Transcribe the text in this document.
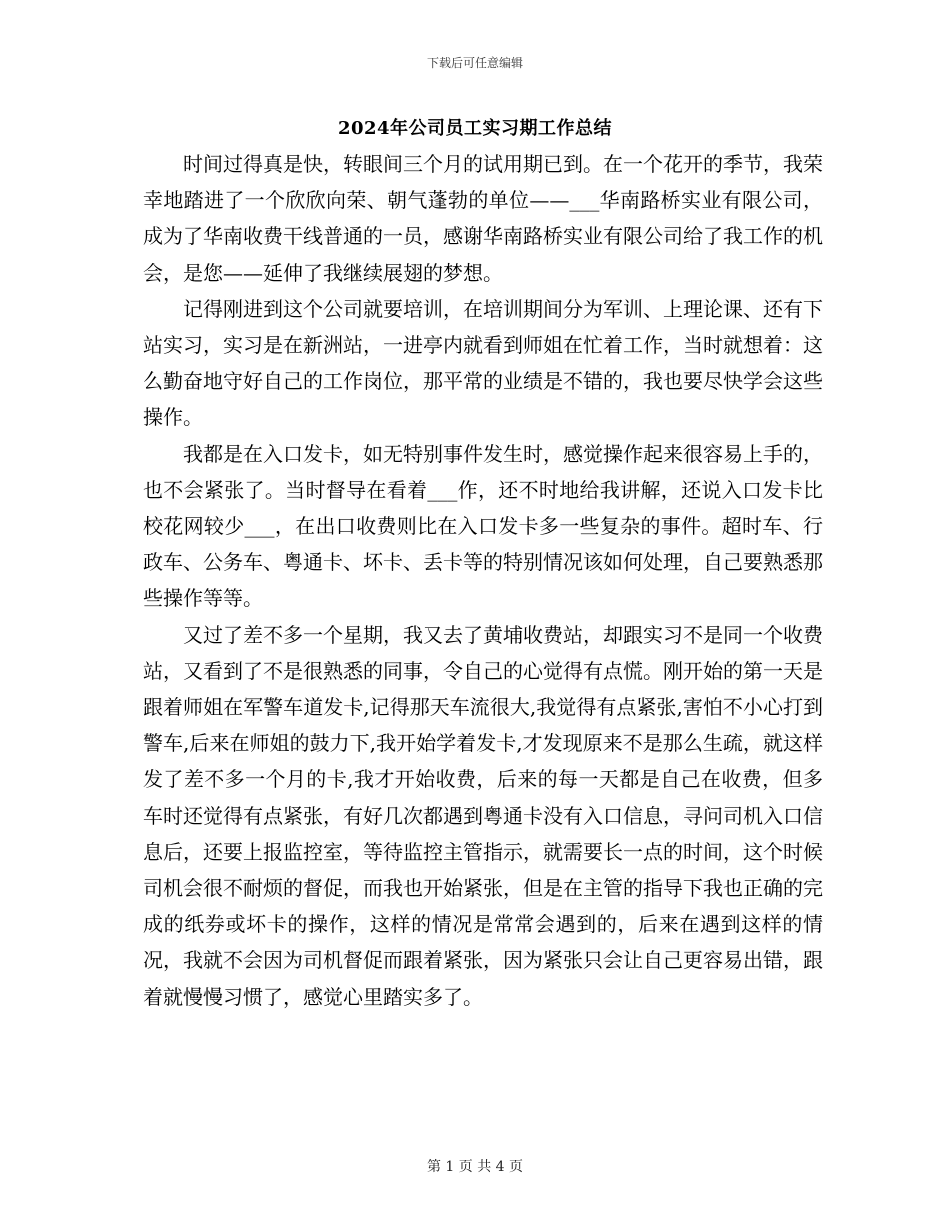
下载后可任意编辑
2024年公司员工实习期工作总结

时间过得真是快，转眼间三个月的试用期已到。在一个花开的季节，我荣幸地踏进了一个欣欣向荣、朝气蓬勃的单位——___华南路桥实业有限公司，成为了华南收费干线普通的一员，感谢华南路桥实业有限公司给了我工作的机会，是您——延伸了我继续展翅的梦想。

记得刚进到这个公司就要培训，在培训期间分为军训、上理论课、还有下站实习，实习是在新洲站，一进亭内就看到师姐在忙着工作，当时就想着：这么勤奋地守好自己的工作岗位，那平常的业绩是不错的，我也要尽快学会这些操作。

我都是在入口发卡，如无特别事件发生时，感觉操作起来很容易上手的，也不会紧张了。当时督导在看着___作，还不时地给我讲解，还说入口发卡比校花网较少___，在出口收费则比在入口发卡多一些复杂的事件。超时车、行政车、公务车、粤通卡、坏卡、丢卡等的特别情况该如何处理，自己要熟悉那些操作等等。

又过了差不多一个星期，我又去了黄埔收费站，却跟实习不是同一个收费站，又看到了不是很熟悉的同事，令自己的心觉得有点慌。刚开始的第一天是跟着师姐在军警车道发卡,记得那天车流很大,我觉得有点紧张,害怕不小心打到警车,后来在师姐的鼓力下,我开始学着发卡,才发现原来不是那么生疏，就这样发了差不多一个月的卡,我才开始收费，后来的每一天都是自己在收费，但多车时还觉得有点紧张，有好几次都遇到粤通卡没有入口信息，寻问司机入口信息后，还要上报监控室，等待监控主管指示，就需要长一点的时间，这个时候司机会很不耐烦的督促，而我也开始紧张，但是在主管的指导下我也正确的完成的纸券或坏卡的操作，这样的情况是常常会遇到的，后来在遇到这样的情况，我就不会因为司机督促而跟着紧张，因为紧张只会让自己更容易出错，跟着就慢慢习惯了，感觉心里踏实多了。

第 1 页 共 4 页
